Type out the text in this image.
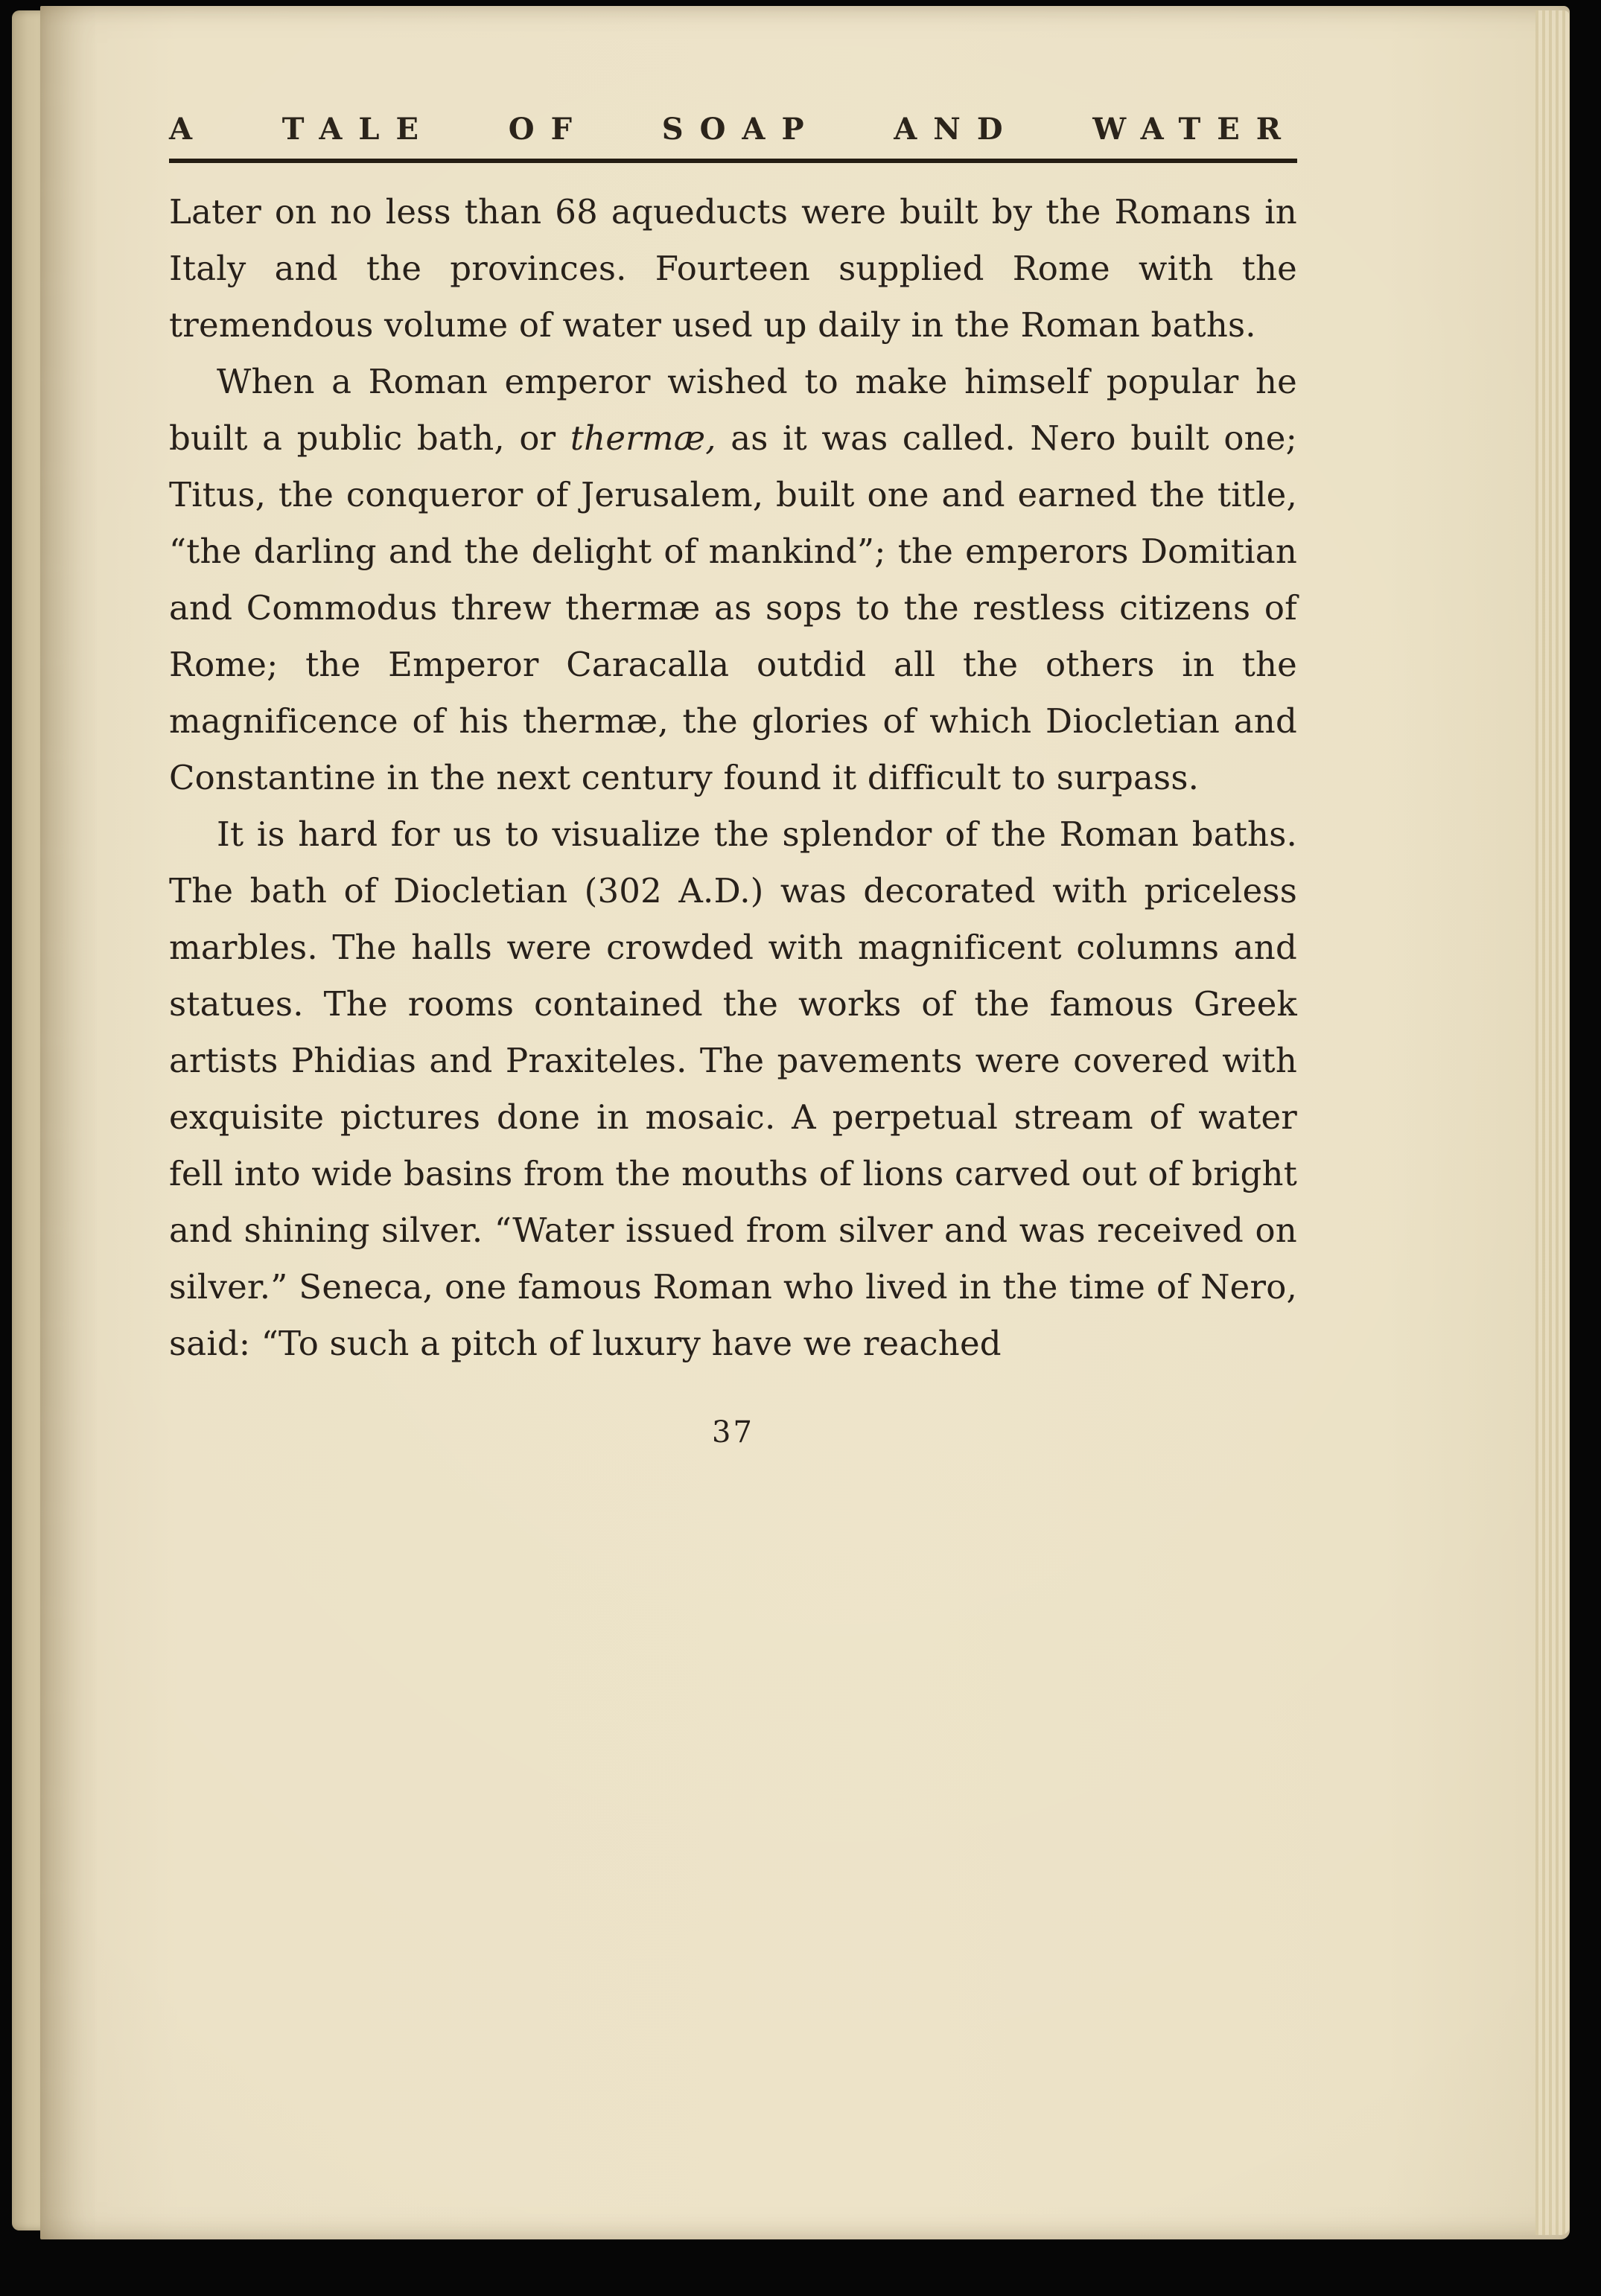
A TALE OF SOAP AND WATER

Later on no less than 68 aqueducts were built by the Romans in Italy and the provinces. Fourteen supplied Rome with the tremendous volume of water used up daily in the Roman baths.

When a Roman emperor wished to make himself popular he built a public bath, or thermæ, as it was called. Nero built one; Titus, the conqueror of Jerusalem, built one and earned the title, “the darling and the delight of mankind”; the emperors Domitian and Commodus threw thermæ as sops to the restless citizens of Rome; the Emperor Caracalla outdid all the others in the magnificence of his thermæ, the glories of which Diocletian and Constantine in the next century found it difficult to surpass.

It is hard for us to visualize the splendor of the Roman baths. The bath of Diocletian (302 A.D.) was decorated with priceless marbles. The halls were crowded with magnificent columns and statues. The rooms contained the works of the famous Greek artists Phidias and Praxiteles. The pavements were covered with exquisite pictures done in mosaic. A perpetual stream of water fell into wide basins from the mouths of lions carved out of bright and shining silver. “Water issued from silver and was received on silver.” Seneca, one famous Roman who lived in the time of Nero, said: “To such a pitch of luxury have we reached

37
